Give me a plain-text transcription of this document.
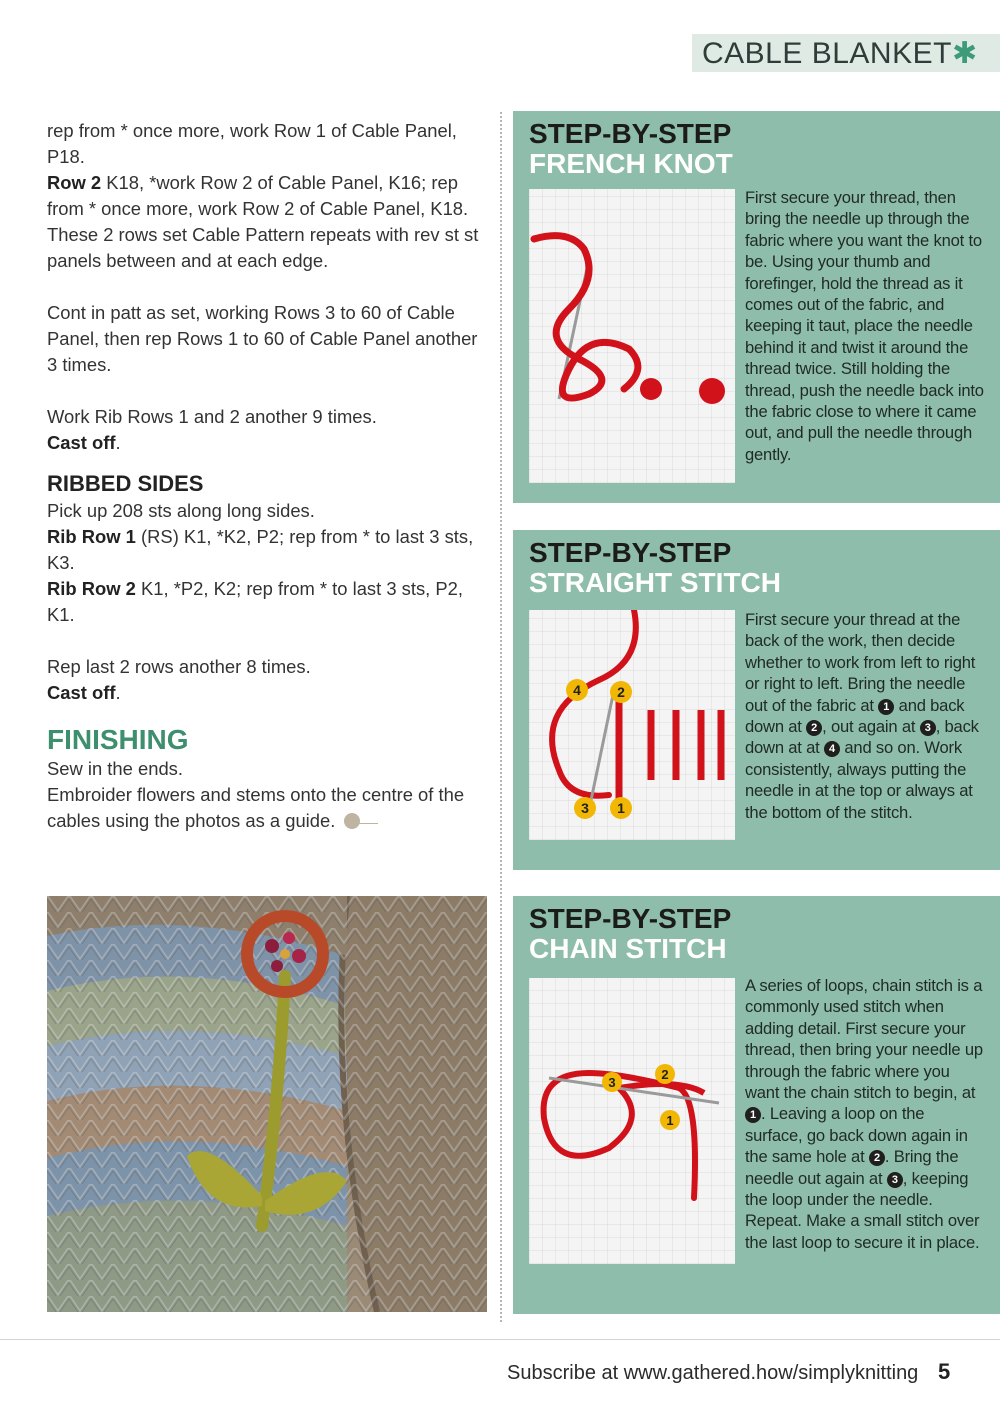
CABLE BLANKET✱

rep from * once more, work Row 1 of Cable Panel, P18.

Row 2 K18, *work Row 2 of Cable Panel, K16; rep from * once more, work Row 2 of Cable Panel, K18.

These 2 rows set Cable Pattern repeats with rev st st panels between and at each edge.

Cont in patt as set, working Rows 3 to 60 of Cable Panel, then rep Rows 1 to 60 of Cable Panel another 3 times.

Work Rib Rows 1 and 2 another 9 times.

Cast off.

RIBBED SIDES

Pick up 208 sts along long sides.

Rib Row 1 (RS) K1, *K2, P2; rep from * to last 3 sts, K3.

Rib Row 2 K1, *P2, K2; rep from * to last 3 sts, P2, K1.

Rep last 2 rows another 8 times.

Cast off.

FINISHING

Sew in the ends.

Embroider flowers and stems onto the centre of the cables using the photos as a guide.

STEP-BY-STEP
FRENCH KNOT
First secure your thread, then bring the needle up through the fabric where you want the knot to be. Using your thumb and forefinger, hold the thread as it comes out of the fabric, and keeping it taut, place the needle behind it and twist it around the thread twice. Still holding the thread, push the needle back into the fabric close to where it came out, and pull the needle through gently.
STEP-BY-STEP
STRAIGHT STITCH
4	2
3 1
First secure your thread at the back of the work, then decide whether to work from left to right or right to left. Bring the needle out of the fabric at 1 and back down at 2 , out again at 3 , back down at at 4 and so on. Work consistently, always putting the needle in at the top or always at the bottom of the stitch.
STEP-BY-STEP
CHAIN STITCH
3
2
1
A series of loops, chain stitch is a commonly used stitch when adding detail. First secure your thread, then bring your needle up through the fabric where you want the chain stitch to begin, at 1 . Leaving a loop on the surface, go back down again in the same hole at 2 . Bring the needle out again at 3 , keeping the loop under the needle. Repeat. Make a small stitch over the last loop to secure it in place.
Subscribe at www.gathered.how/simplyknitting 5
